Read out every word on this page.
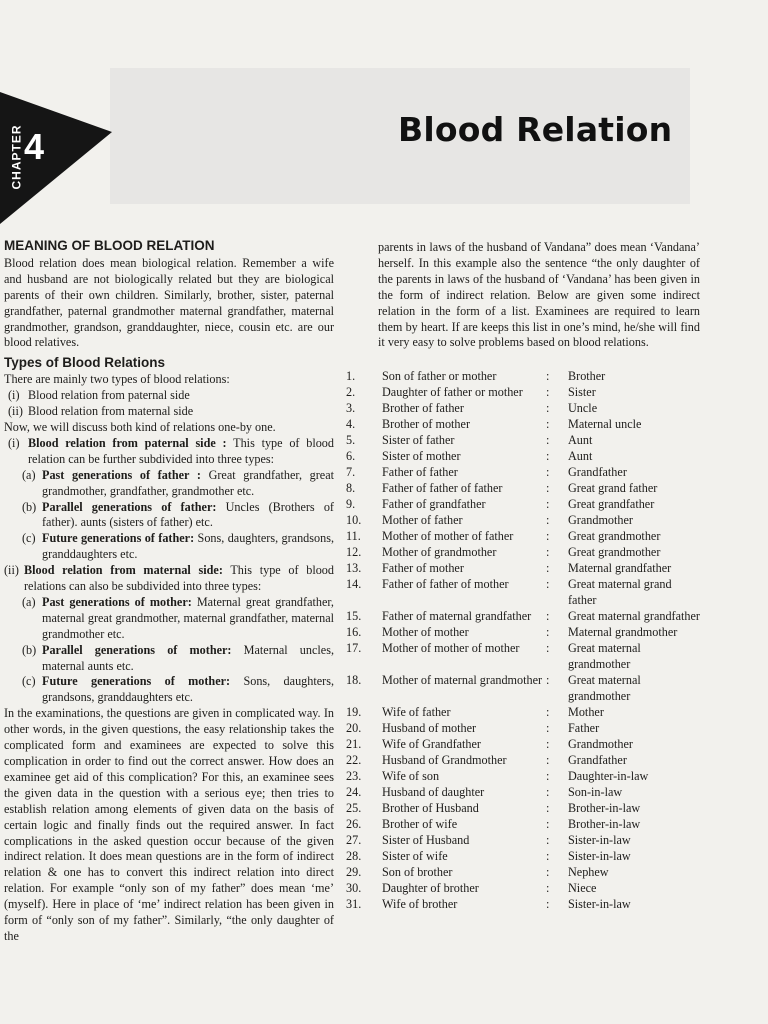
CHAPTER 4	Blood Relation
MEANING OF BLOOD RELATION

Blood relation does mean biological relation. Remember a wife and husband are not biologically related but they are biological parents of their own children. Similarly, brother, sister, paternal grandfather, paternal grandmother maternal grandfather, maternal grandmother, grandson, granddaughter, niece, cousin etc. are our blood relatives.

Types of Blood Relations

There are mainly two types of blood relations:

(i) Blood relation from paternal side
(ii) Blood relation from maternal side

Now, we will discuss both kind of relations one-by one.

(i) Blood relation from paternal side : This type of blood relation can be further subdivided into three types:
(a) Past generations of father : Great grandfather, great grandmother, grandfather, grandmother etc.
(b) Parallel generations of father: Uncles (Brothers of father). aunts (sisters of father) etc.
(c) Future generations of father: Sons, daughters, grandsons, granddaughters etc.
(ii) Blood relation from maternal side: This type of blood relations can also be subdivided into three types:
(a) Past generations of mother: Maternal great grandfather, maternal great grandmother, maternal grandfather, maternal grandmother etc.
(b) Parallel generations of mother: Maternal uncles, maternal aunts etc.
(c) Future generations of mother: Sons, daughters, grandsons, granddaughters etc.

In the examinations, the questions are given in complicated way. In other words, in the given questions, the easy relationship takes the complicated form and examinees are expected to solve this complication in order to find out the correct answer. How does an examinee get aid of this complication? For this, an examinee sees the given data in the question with a serious eye; then tries to establish relation among elements of given data on the basis of certain logic and finally finds out the required answer. In fact complications in the asked question occur because of the given indirect relation. It does mean questions are in the form of indirect relation & one has to convert this indirect relation into direct relation. For example “only son of my father” does mean ‘me’ (myself). Here in place of ‘me’ indirect relation has been given in form of “only son of my father”. Similarly, “the only daughter of the

parents in laws of the husband of Vandana” does mean ‘Vandana’ herself. In this example also the sentence “the only daughter of the parents in laws of the husband of ‘Vandana’ has been given in the form of indirect relation. Below are given some indirect relation in the form of a list. Examinees are required to learn them by heart. If are keeps this list in one’s mind, he/she will find it very easy to solve problems based on blood relations.

1.	Son of father or mother	:	Brother
2.	Daughter of father or mother	:	Sister
3.	Brother of father	:	Uncle
4.	Brother of mother	:	Maternal uncle
5.	Sister of father	:	Aunt
6.	Sister of mother	:	Aunt
7.	Father of father	:	Grandfather
8.	Father of father of father	:	Great grand father
9.	Father of grandfather	:	Great grandfather
10.	Mother of father	:	Grandmother
11.	Mother of mother of father	:	Great grandmother
12.	Mother of grandmother	:	Great grandmother
13.	Father of mother	:	Maternal grandfather
14.	Father of father of mother	:	Great maternal grand father
15.	Father of maternal grandfather	:	Great maternal grandfather
16.	Mother of mother	:	Maternal grandmother
17.	Mother of mother of mother	:	Great maternal grandmother
18.	Mother of maternal grandmother :	Great maternal grandmother
19.	Wife of father	:	Mother
20.	Husband of mother	:	Father
21.	Wife of Grandfather	:	Grandmother
22.	Husband of Grandmother	:	Grandfather
23.	Wife of son	:	Daughter-in-law
24.	Husband of daughter	:	Son-in-law
25.	Brother of Husband	:	Brother-in-law
26.	Brother of wife	:	Brother-in-law
27.	Sister of Husband	:	Sister-in-law
28.	Sister of wife	:	Sister-in-law
29.	Son of brother	:	Nephew
30.	Daughter of brother	:	Niece
31.	Wife of brother	:	Sister-in-law
